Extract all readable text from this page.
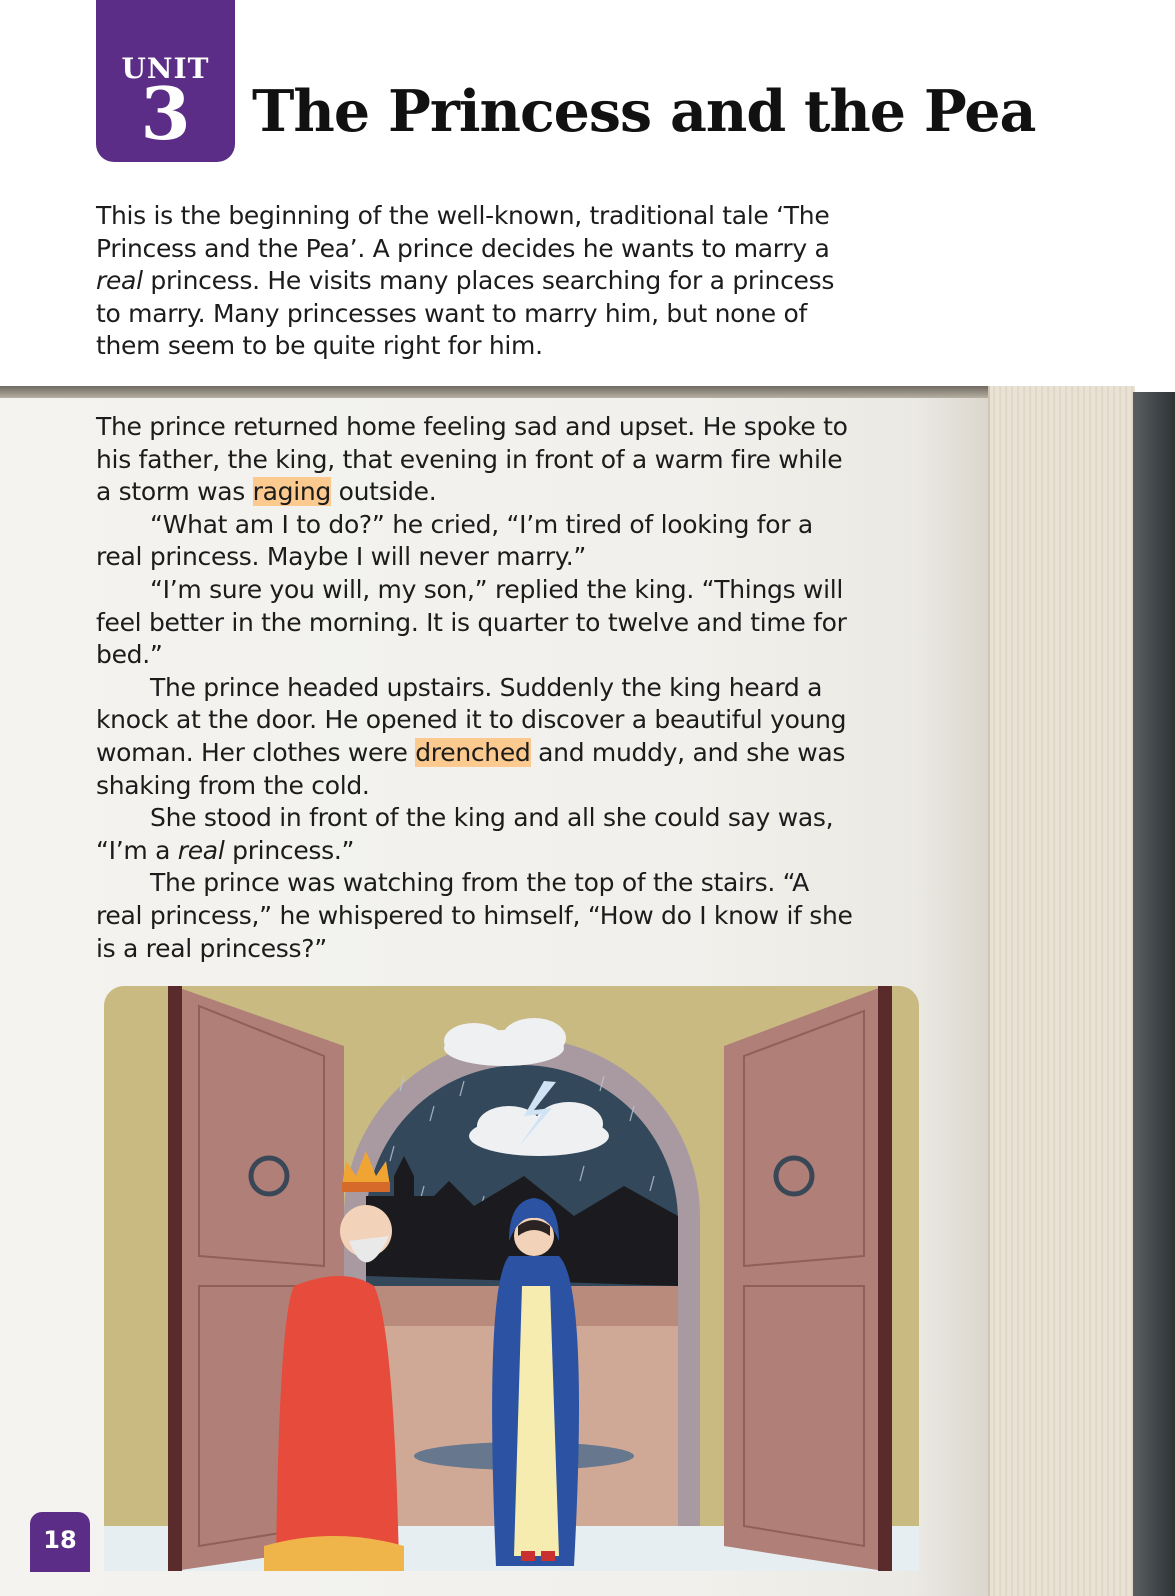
UNIT
3	The Princess and the Pea

This is the beginning of the well-known, traditional tale ‘The Princess and the Pea’. A prince decides he wants to marry a real princess. He visits many places searching for a princess to marry. Many princesses want to marry him, but none of them seem to be quite right for him.

The prince returned home feeling sad and upset. He spoke to his father, the king, that evening in front of a warm fire while a storm was raging outside.

“What am I to do?” he cried, “I’m tired of looking for a real princess. Maybe I will never marry.”

“I’m sure you will, my son,” replied the king. “Things will feel better in the morning. It is quarter to twelve and time for bed.”

The prince headed upstairs. Suddenly the king heard a knock at the door. He opened it to discover a beautiful young woman. Her clothes were drenched and muddy, and she was shaking from the cold.

She stood in front of the king and all she could say was, “I’m a real princess.”

The prince was watching from the top of the stairs. “A real princess,” he whispered to himself, “How do I know if she is a real princess?”

18
